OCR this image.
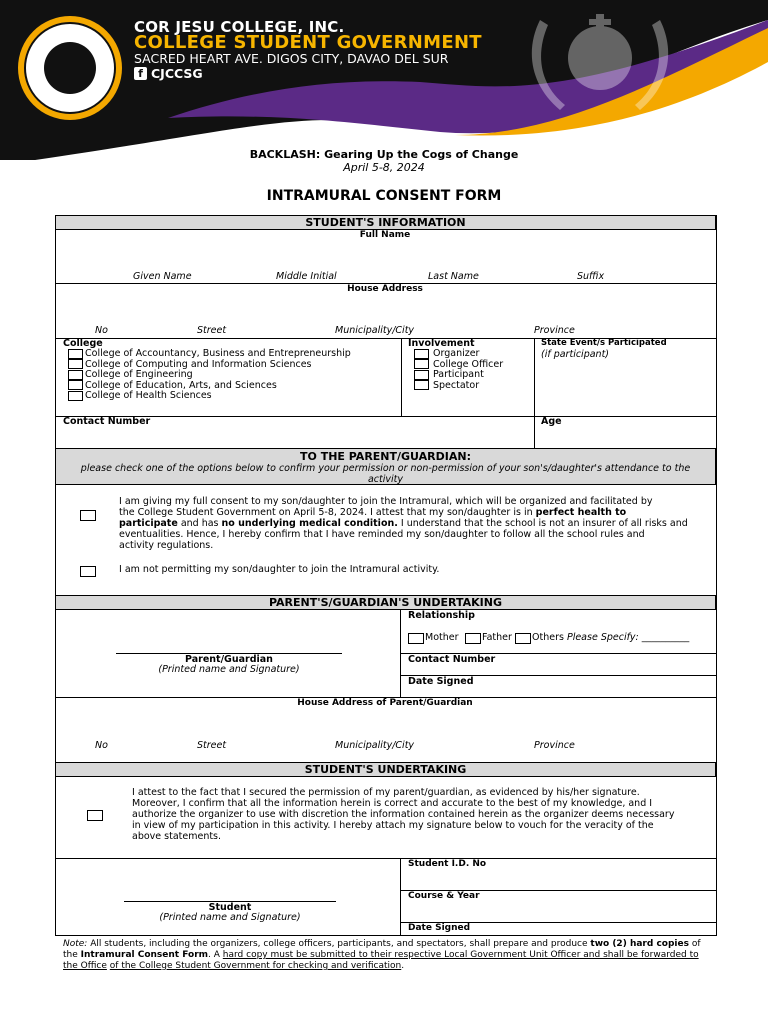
COR JESU COLLEGE, INC.
COLLEGE STUDENT GOVERNMENT
SACRED HEART AVE. DIGOS CITY, DAVAO DEL SUR
f CJCCSG
BACKLASH: Gearing Up the Cogs of Change
April 5-8, 2024
INTRAMURAL CONSENT FORM
STUDENT'S INFORMATION
Full Name
Given Name	Middle Initial	Last Name	Suffix
House Address
No	Street	Municipality/City	Province
College
College of Accountancy, Business and Entrepreneurship
College of Computing and Information Sciences
College of Engineering
College of Education, Arts, and Sciences
College of Health Sciences
Involvement
Organizer
College Officer
Participant
Spectator
State Event/s Participated
(if participant)
Contact Number	Age
TO THE PARENT/GUARDIAN:
please check one of the options below to confirm your permission or non-permission of your son's/daughter's attendance to the activity
I am giving my full consent to my son/daughter to join the Intramural, which will be organized and facilitated by
the College Student Government on April 5-8, 2024. I attest that my son/daughter is in perfect health to
participate and has no underlying medical condition. I understand that the school is not an insurer of all risks and
eventualities. Hence, I hereby confirm that I have reminded my son/daughter to follow all the school rules and
activity regulations.
I am not permitting my son/daughter to join the Intramural activity.
PARENT'S/GUARDIAN'S UNDERTAKING
Parent/Guardian
(Printed name and Signature)
Relationship
Mother Father Others Please Specify: __________
Contact Number
Date Signed
House Address of Parent/Guardian
No	Street	Municipality/City	Province
STUDENT'S UNDERTAKING
I attest to the fact that I secured the permission of my parent/guardian, as evidenced by his/her signature.
Moreover, I confirm that all the information herein is correct and accurate to the best of my knowledge, and I
authorize the organizer to use with discretion the information contained herein as the organizer deems necessary
in view of my participation in this activity. I hereby attach my signature below to vouch for the veracity of the
above statements.
Student
(Printed name and Signature)
Student I.D. No
Course & Year
Date Signed
Note: All students, including the organizers, college officers, participants, and spectators, shall prepare and produce two (2) hard copies of the Intramural Consent Form. A hard copy must be submitted to their respective Local Government Unit Officer and shall be forwarded to the Office of the College Student Government for checking and verification.
